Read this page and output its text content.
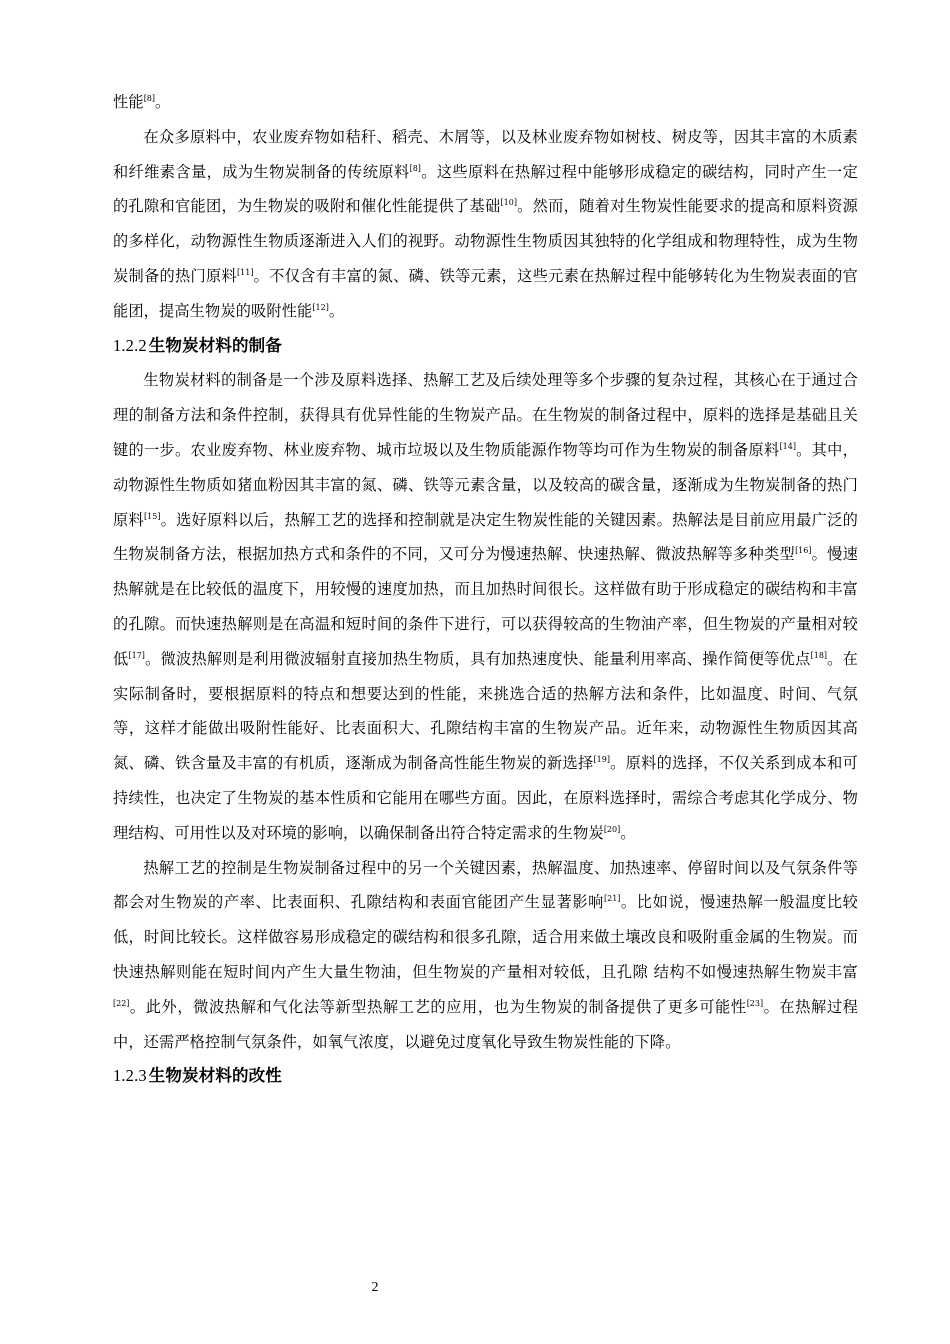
性能[8]。

在众多原料中，农业废弃物如秸秆、稻壳、木屑等，以及林业废弃物如树枝、树皮等，因其丰富的木质素和纤维素含量，成为生物炭制备的传统原料[8]。这些原料在热解过程中能够形成稳定的碳结构，同时产生一定的孔隙和官能团，为生物炭的吸附和催化性能提供了基础[10]。然而，随着对生物炭性能要求的提高和原料资源的多样化，动物源性生物质逐渐进入人们的视野。动物源性生物质因其独特的化学组成和物理特性，成为生物炭制备的热门原料[11]。不仅含有丰富的氮、磷、铁等元素，这些元素在热解过程中能够转化为生物炭表面的官能团，提高生物炭的吸附性能[12]。

1.2.2 生物炭材料的制备

生物炭材料的制备是一个涉及原料选择、热解工艺及后续处理等多个步骤的复杂过程，其核心在于通过合理的制备方法和条件控制，获得具有优异性能的生物炭产品。在生物炭的制备过程中，原料的选择是基础且关键的一步。农业废弃物、林业废弃物、城市垃圾以及生物质能源作物等均可作为生物炭的制备原料[14]。其中，动物源性生物质如猪血粉因其丰富的氮、磷、铁等元素含量，以及较高的碳含量，逐渐成为生物炭制备的热门原料[15]。选好原料以后，热解工艺的选择和控制就是决定生物炭性能的关键因素。热解法是目前应用最广泛的生物炭制备方法，根据加热方式和条件的不同，又可分为慢速热解、快速热解、微波热解等多种类型[16]。慢速热解就是在比较低的温度下，用较慢的速度加热，而且加热时间很长。这样做有助于形成稳定的碳结构和丰富的孔隙。而快速热解则是在高温和短时间的条件下进行，可以获得较高的生物油产率，但生物炭的产量相对较低[17]。微波热解则是利用微波辐射直接加热生物质，具有加热速度快、能量利用率高、操作简便等优点[18]。在实际制备时，要根据原料的特点和想要达到的性能，来挑选合适的热解方法和条件，比如温度、时间、气氛等，这样才能做出吸附性能好、比表面积大、孔隙结构丰富的生物炭产品。近年来，动物源性生物质因其高氮、磷、铁含量及丰富的有机质，逐渐成为制备高性能生物炭的新选择[19]。原料的选择，不仅关系到成本和可持续性，也决定了生物炭的基本性质和它能用在哪些方面。因此，在原料选择时，需综合考虑其化学成分、物理结构、可用性以及对环境的影响，以确保制备出符合特定需求的生物炭[20]。

热解工艺的控制是生物炭制备过程中的另一个关键因素，热解温度、加热速率、停留时间以及气氛条件等都会对生物炭的产率、比表面积、孔隙结构和表面官能团产生显著影响[21]。比如说，慢速热解一般温度比较低，时间比较长。这样做容易形成稳定的碳结构和很多孔隙，适合用来做土壤改良和吸附重金属的生物炭。而快速热解则能在短时间内产生大量生物油，但生物炭的产量相对较低，且孔隙 结构不如慢速热解生物炭丰富[22]。此外，微波热解和气化法等新型热解工艺的应用，也为生物炭的制备提供了更多可能性[23]。在热解过程中，还需严格控制气氛条件，如氧气浓度，以避免过度氧化导致生物炭性能的下降。

1.2.3 生物炭材料的改性

2
